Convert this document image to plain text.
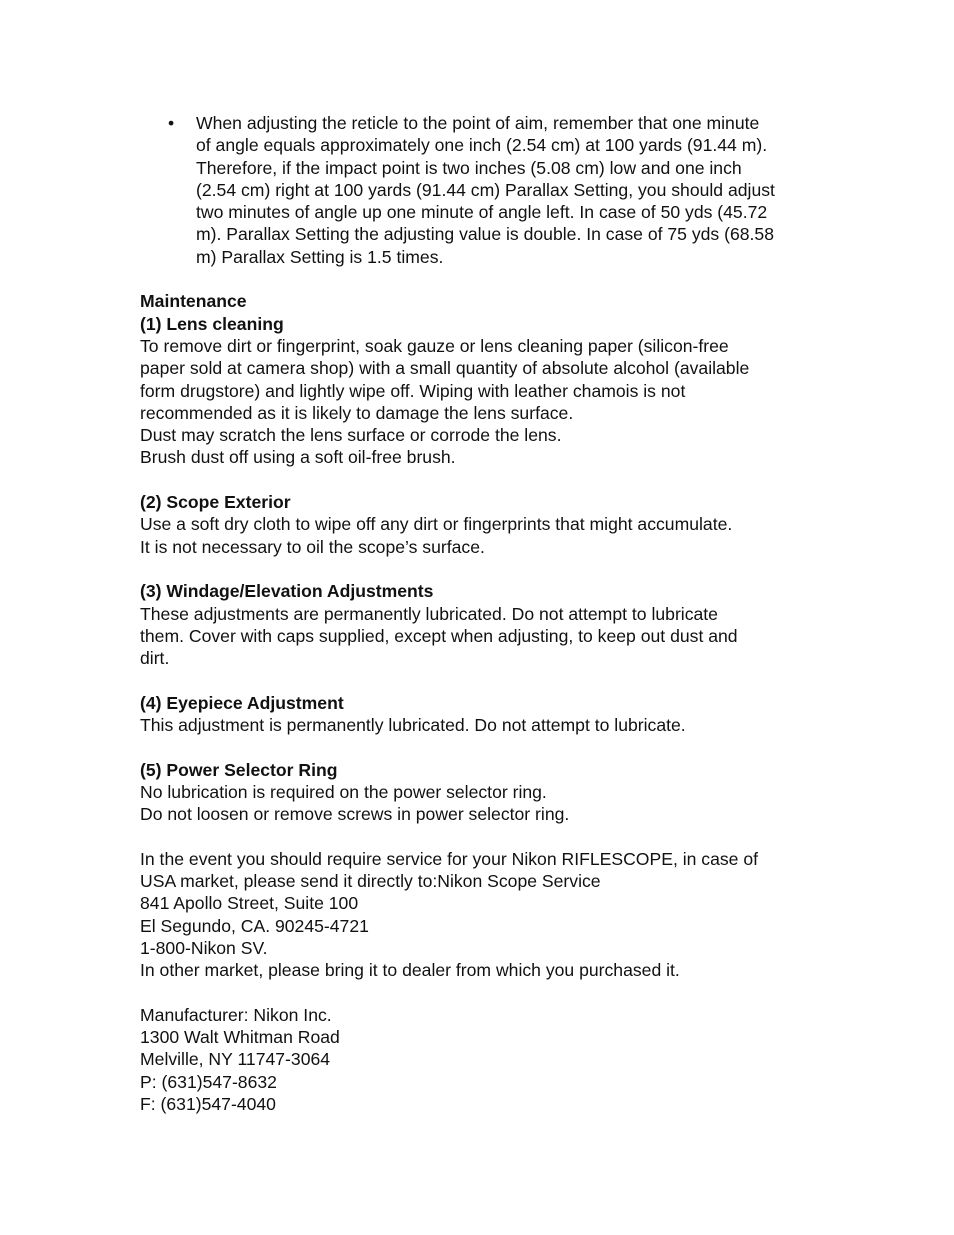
• When adjusting the reticle to the point of aim, remember that one minute
of angle equals approximately one inch (2.54 cm) at 100 yards (91.44 m).
Therefore, if the impact point is two inches (5.08 cm) low and one inch
(2.54 cm) right at 100 yards (91.44 cm) Parallax Setting, you should adjust
two minutes of angle up one minute of angle left. In case of 50 yds (45.72
m). Parallax Setting the adjusting value is double. In case of 75 yds (68.58
m) Parallax Setting is 1.5 times.
Maintenance
(1) Lens cleaning
To remove dirt or fingerprint, soak gauze or lens cleaning paper (silicon-free
paper sold at camera shop) with a small quantity of absolute alcohol (available
form drugstore) and lightly wipe off. Wiping with leather chamois is not
recommended as it is likely to damage the lens surface.
Dust may scratch the lens surface or corrode the lens.
Brush dust off using a soft oil-free brush.
(2) Scope Exterior
Use a soft dry cloth to wipe off any dirt or fingerprints that might accumulate.
It is not necessary to oil the scope’s surface.
(3) Windage/Elevation Adjustments
These adjustments are permanently lubricated. Do not attempt to lubricate
them. Cover with caps supplied, except when adjusting, to keep out dust and
dirt.
(4) Eyepiece Adjustment
This adjustment is permanently lubricated. Do not attempt to lubricate.
(5) Power Selector Ring
No lubrication is required on the power selector ring.
Do not loosen or remove screws in power selector ring.
In the event you should require service for your Nikon RIFLESCOPE, in case of
USA market, please send it directly to:Nikon Scope Service
841 Apollo Street, Suite 100
El Segundo, CA. 90245-4721
1-800-Nikon SV.
In other market, please bring it to dealer from which you purchased it.
Manufacturer: Nikon Inc.
1300 Walt Whitman Road
Melville, NY 11747-3064
P: (631)547-8632
F: (631)547-4040
